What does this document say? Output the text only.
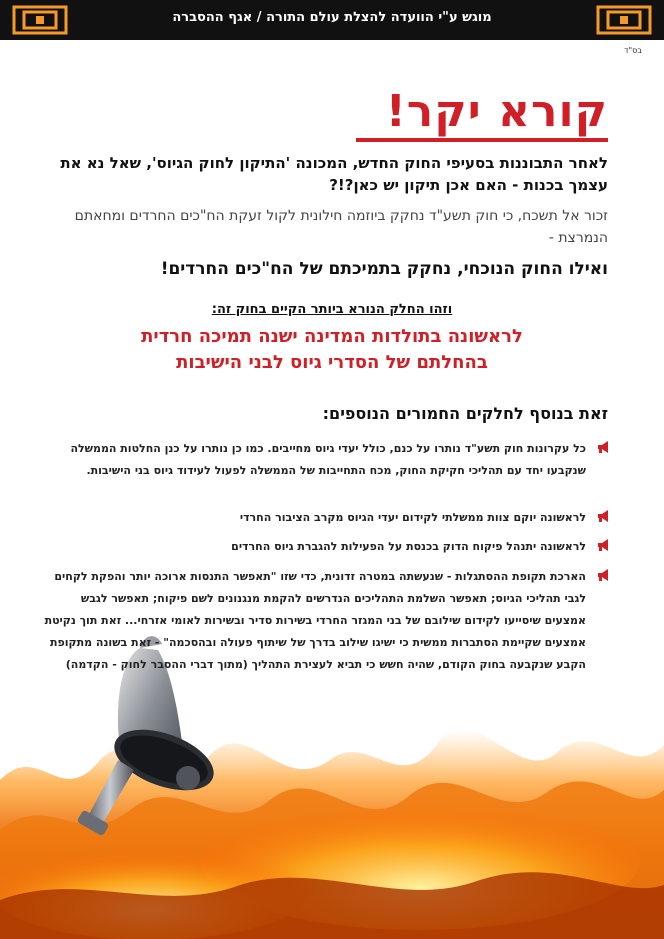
מוגש ע"י הוועדה להצלת עולם התורה / אגף ההסברה
בס"ד
קורא יקר!
לאחר התבוננות בסעיפי החוק החדש, המכונה 'התיקון לחוק הגיוס', שאל נא את עצמך בכנות - האם אכן תיקון יש כאן?!?
זכור אל תשכח, כי חוק תשע"ד נחקק ביוזמה חילונית לקול זעקת הח"כים החרדים ומחאתם הנמרצת -
ואילו החוק הנוכחי, נחקק בתמיכתם של הח"כים החרדים!
וזהו החלק הנורא ביותר הקיים בחוק זה:
לראשונה בתולדות המדינה ישנה תמיכה חרדית
בהחלתם של הסדרי גיוס לבני הישיבות
זאת בנוסף לחלקים החמורים הנוספים:
כל עקרונות חוק תשע"ד נותרו על כנם, כולל יעדי גיוס מחייבים. כמו כן נותרו על כנן החלטות הממשלה שנקבעו יחד עם תהליכי חקיקת החוק, מכח התחייבות של הממשלה לפעול לעידוד גיוס בני הישיבות.
לראשונה יוקם צוות ממשלתי לקידום יעדי הגיוס מקרב הציבור החרדי
לראשונה יתנהל פיקוח הדוק בכנסת על הפעילות להגברת גיוס החרדים
הארכת תקופת ההסתגלות - שנעשתה במטרה זדונית, כדי שזו "תאפשר התנסות ארוכה יותר והפקת לקחים לגבי תהליכי הגיוס; תאפשר השלמת התהליכים הנדרשים להקמת מנגנונים לשם פיקוח; תאפשר לגבש אמצעים שיסייעו לקידום שילובם של בני המגזר החרדי בשירות סדיר ובשירות לאומי אזרחי... זאת תוך נקיטת אמצעים שקיימת הסתברות ממשית כי ישיגו שילוב בדרך של שיתוף פעולה ובהסכמה" - זאת בשונה מתקופת הקבע שנקבעה בחוק הקודם, שהיה חשש כי תביא לעצירת התהליך (מתוך דברי ההסבר לחוק - הקדמה)
